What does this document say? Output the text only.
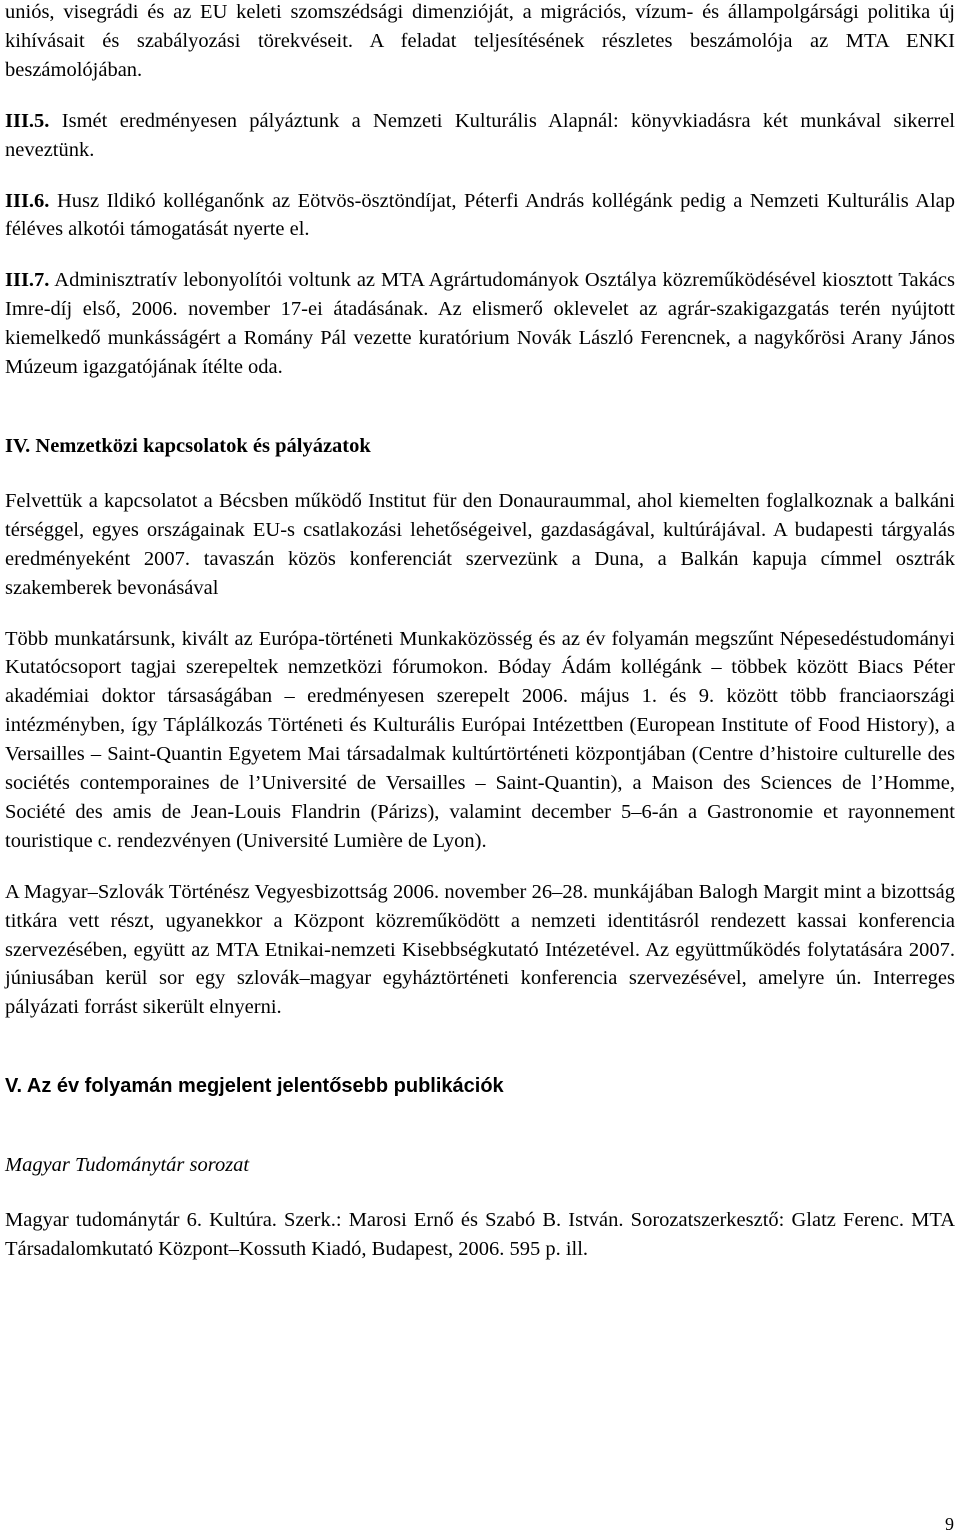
uniós, visegrádi és az EU keleti szomszédsági dimenzióját, a migrációs, vízum- és állampolgársági politika új kihívásait és szabályozási törekvéseit. A feladat teljesítésének részletes beszámolója az MTA ENKI beszámolójában.

III.5. Ismét eredményesen pályáztunk a Nemzeti Kulturális Alapnál: könyvkiadásra két munkával sikerrel neveztünk.

III.6. Husz Ildikó kolléganőnk az Eötvös-ösztöndíjat, Péterfi András kollégánk pedig a Nemzeti Kulturális Alap féléves alkotói támogatását nyerte el.

III.7. Adminisztratív lebonyolítói voltunk az MTA Agrártudományok Osztálya közreműködésével kiosztott Takács Imre-díj első, 2006. november 17-ei átadásának. Az elismerő oklevelet az agrár-szakigazgatás terén nyújtott kiemelkedő munkásságért a Romány Pál vezette kuratórium Novák László Ferencnek, a nagykőrösi Arany János Múzeum igazgatójának ítélte oda.

IV. Nemzetközi kapcsolatok és pályázatok

Felvettük a kapcsolatot a Bécsben működő Institut für den Donauraummal, ahol kiemelten foglalkoznak a balkáni térséggel, egyes országainak EU-s csatlakozási lehetőségeivel, gazdaságával, kultúrájával. A budapesti tárgyalás eredményeként 2007. tavaszán közös konferenciát szervezünk a Duna, a Balkán kapuja címmel osztrák szakemberek bevonásával

Több munkatársunk, kivált az Európa-történeti Munkaközösség és az év folyamán megszűnt Népesedéstudományi Kutatócsoport tagjai szerepeltek nemzetközi fórumokon. Bóday Ádám kollégánk – többek között Biacs Péter akadémiai doktor társaságában – eredményesen szerepelt 2006. május 1. és 9. között több franciaországi intézményben, így Táplálkozás Történeti és Kulturális Európai Intézettben (European Institute of Food History), a Versailles – Saint-Quantin Egyetem Mai társadalmak kultúrtörténeti központjában (Centre d’histoire culturelle des sociétés contemporaines de l’Université de Versailles – Saint-Quantin), a Maison des Sciences de l’Homme, Société des amis de Jean-Louis Flandrin (Párizs), valamint december 5–6-án a Gastronomie et rayonnement touristique c. rendezvényen (Université Lumière de Lyon).

A Magyar–Szlovák Történész Vegyesbizottság 2006. november 26–28. munkájában Balogh Margit mint a bizottság titkára vett részt, ugyanekkor a Központ közreműködött a nemzeti identitásról rendezett kassai konferencia szervezésében, együtt az MTA Etnikai-nemzeti Kisebbségkutató Intézetével. Az együttműködés folytatására 2007. júniusában kerül sor egy szlovák–magyar egyháztörténeti konferencia szervezésével, amelyre ún. Interreges pályázati forrást sikerült elnyerni.

V. Az év folyamán megjelent jelentősebb publikációk

Magyar Tudománytár sorozat

Magyar tudománytár 6. Kultúra. Szerk.: Marosi Ernő és Szabó B. István. Sorozatszerkesztő: Glatz Ferenc. MTA Társadalomkutató Központ–Kossuth Kiadó, Budapest, 2006. 595 p. ill.

9
